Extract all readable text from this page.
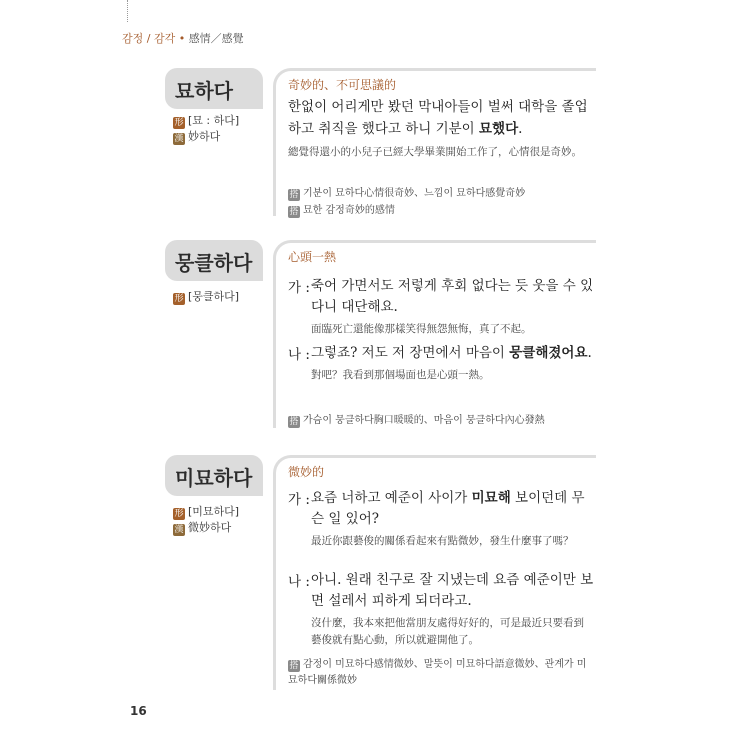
감정 / 감각 • 感情／感覺
묘하다
形 [묘 : 하다]
漢 妙하다
奇妙的、不可思議的
한없이 어리게만 봤던 막내아들이 벌써 대학을 졸업하고 취직을 했다고 하니 기분이 묘했다.
總覺得還小的小兒子已經大學畢業開始工作了，心情很是奇妙。
搭 기분이 묘하다心情很奇妙、느낌이 묘하다感覺奇妙
搭 묘한 감정奇妙的感情
뭉클하다
形 [뭉클하다]
心頭一熱
가 : 죽어 가면서도 저렇게 후회 없다는 듯 웃을 수 있다니 대단해요.
面臨死亡還能像那樣笑得無怨無悔，真了不起。
나 : 그렇죠? 저도 저 장면에서 마음이 뭉클해졌어요.
對吧？我看到那個場面也是心頭一熱。
搭 가슴이 뭉클하다胸口暖暖的、마음이 뭉클하다內心發熱
미묘하다
形 [미묘하다]
漢 微妙하다
微妙的
가 : 요즘 너하고 예준이 사이가 미묘해 보이던데 무슨 일 있어?
最近你跟藝俊的關係看起來有點微妙，發生什麼事了嗎？
나 : 아니. 원래 친구로 잘 지냈는데 요즘 예준이만 보면 설레서 피하게 되더라고.
沒什麼，我本來把他當朋友處得好好的，可是最近只要看到藝俊就有點心動，所以就避開他了。
搭 감정이 미묘하다感情微妙、말뜻이 미묘하다語意微妙、관계가 미묘하다關係微妙
16
